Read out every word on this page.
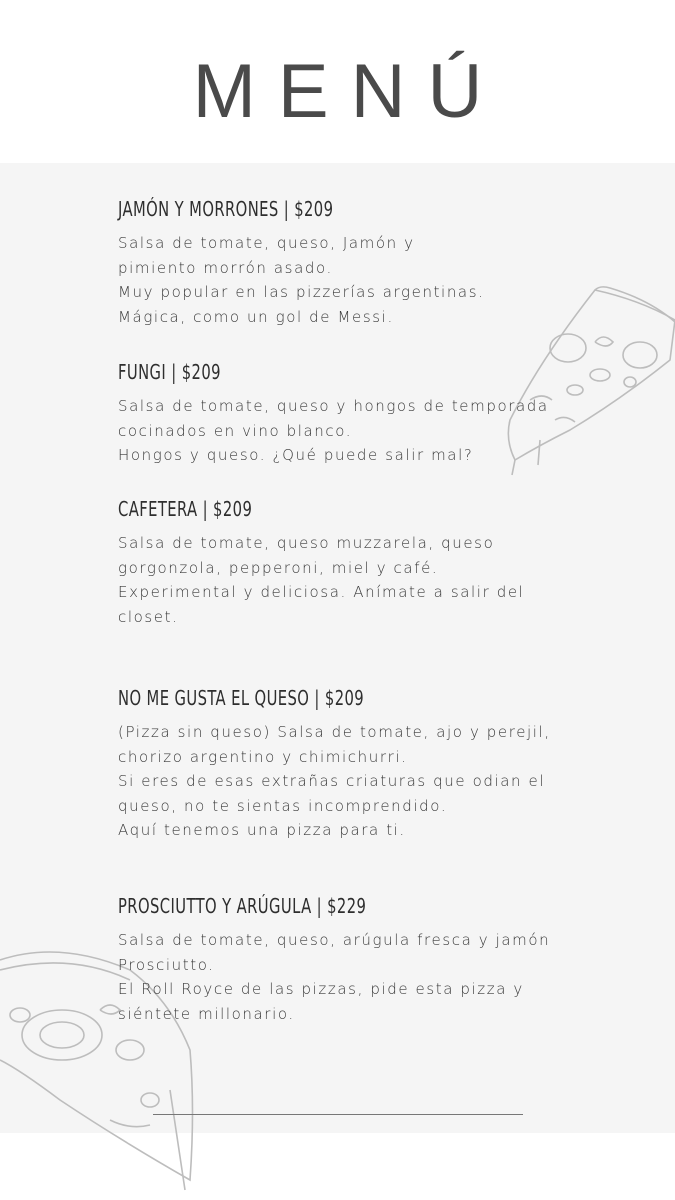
MENÚ
JAMÓN Y MORRONES | $209

Salsa de tomate, queso, Jamón y
pimiento morrón asado.
Muy popular en las pizzerías argentinas.
Mágica, como un gol de Messi.

FUNGI | $209

Salsa de tomate, queso y hongos de temporada
cocinados en vino blanco.
Hongos y queso. ¿Qué puede salir mal?

CAFETERA | $209

Salsa de tomate, queso muzzarela, queso
gorgonzola, pepperoni, miel y café.
Experimental y deliciosa. Anímate a salir del
closet.

NO ME GUSTA EL QUESO | $209

(Pizza sin queso) Salsa de tomate, ajo y perejil,
chorizo argentino y chimichurri.
Si eres de esas extrañas criaturas que odian el
queso, no te sientas incomprendido.
Aquí tenemos una pizza para ti.

PROSCIUTTO Y ARÚGULA | $229

Salsa de tomate, queso, arúgula fresca y jamón
Prosciutto.
El Roll Royce de las pizzas, pide esta pizza y
siéntete millonario.
